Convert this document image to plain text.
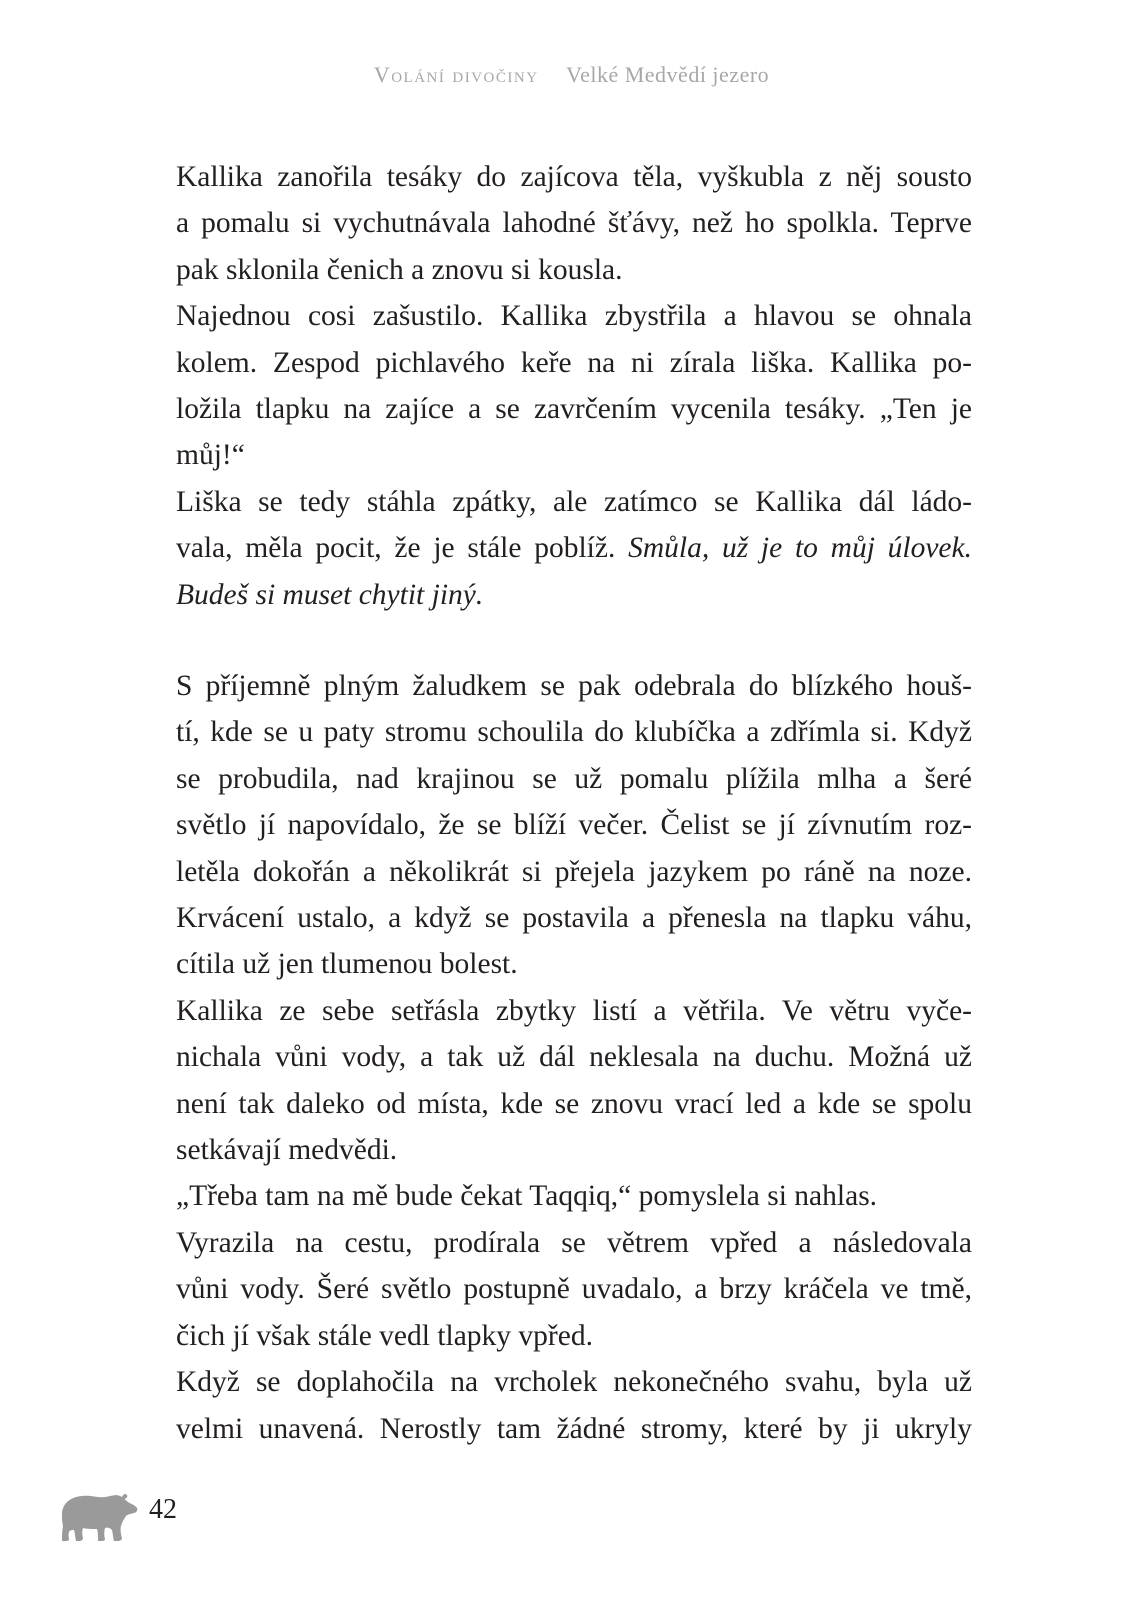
Volání divočiny Velké Medvědí jezero

Kallika zanořila tesáky do zajícova těla, vyškubla z něj sousto
a pomalu si vychutnávala lahodné šťávy, než ho spolkla. Teprve
pak sklonila čenich a znovu si kousla.

Najednou cosi zašustilo. Kallika zbystřila a hlavou se ohnala
kolem. Zespod pichlavého keře na ni zírala liška. Kallika po-
ložila tlapku na zajíce a se zavrčením vycenila tesáky. „Ten je
můj!“

Liška se tedy stáhla zpátky, ale zatímco se Kallika dál ládo-
vala, měla pocit, že je stále poblíž. Smůla, už je to můj úlovek.
Budeš si muset chytit jiný.

S příjemně plným žaludkem se pak odebrala do blízkého houš-
tí, kde se u paty stromu schoulila do klubíčka a zdřímla si. Když
se probudila, nad krajinou se už pomalu plížila mlha a šeré
světlo jí napovídalo, že se blíží večer. Čelist se jí zívnutím roz-
letěla dokořán a několikrát si přejela jazykem po ráně na noze.
Krvácení ustalo, a když se postavila a přenesla na tlapku váhu,
cítila už jen tlumenou bolest.

Kallika ze sebe setřásla zbytky listí a větřila. Ve větru vyče-
nichala vůni vody, a tak už dál neklesala na duchu. Možná už
není tak daleko od místa, kde se znovu vrací led a kde se spolu
setkávají medvědi.

„Třeba tam na mě bude čekat Taqqiq,“ pomyslela si nahlas.

Vyrazila na cestu, prodírala se větrem vpřed a následovala
vůni vody. Šeré světlo postupně uvadalo, a brzy kráčela ve tmě,
čich jí však stále vedl tlapky vpřed.

Když se doplahočila na vrcholek nekonečného svahu, byla už
velmi unavená. Nerostly tam žádné stromy, které by ji ukryly

42
